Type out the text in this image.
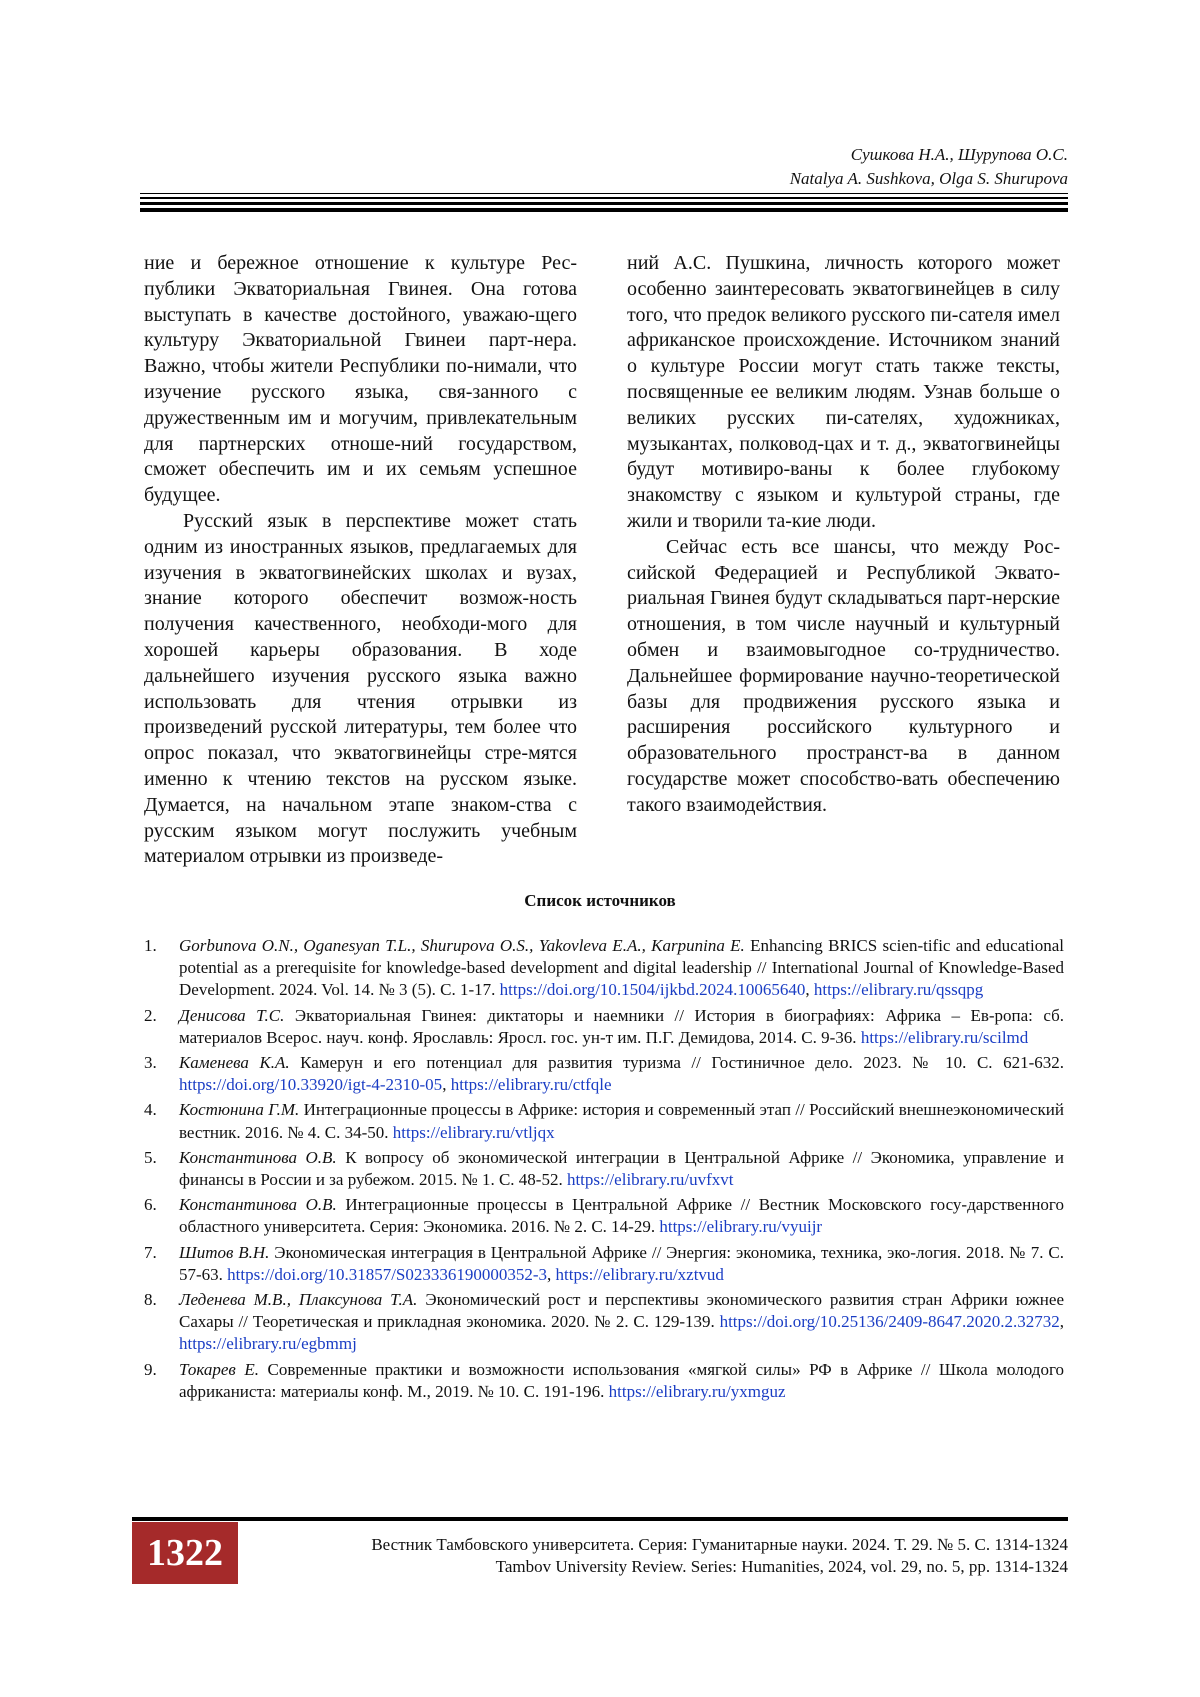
Сушкова Н.А., Шурупова О.С.
Natalya A. Sushkova, Olga S. Shurupova

ние и бережное отношение к культуре Рес-публики Экваториальная Гвинея. Она готова выступать в качестве достойного, уважаю-щего культуру Экваториальной Гвинеи парт-нера. Важно, чтобы жители Республики по-нимали, что изучение русского языка, свя-занного с дружественным им и могучим, привлекательным для партнерских отноше-ний государством, сможет обеспечить им и их семьям успешное будущее.

Русский язык в перспективе может стать одним из иностранных языков, предлагаемых для изучения в экватогвинейских школах и вузах, знание которого обеспечит возмож-ность получения качественного, необходи-мого для хорошей карьеры образования. В ходе дальнейшего изучения русского языка важно использовать для чтения отрывки из произведений русской литературы, тем более что опрос показал, что экватогвинейцы стре-мятся именно к чтению текстов на русском языке. Думается, на начальном этапе знаком-ства с русским языком могут послужить учебным материалом отрывки из произведе-

ний А.С. Пушкина, личность которого может особенно заинтересовать экватогвинейцев в силу того, что предок великого русского пи-сателя имел африканское происхождение. Источником знаний о культуре России могут стать также тексты, посвященные ее великим людям. Узнав больше о великих русских пи-сателях, художниках, музыкантах, полковод-цах и т. д., экватогвинейцы будут мотивиро-ваны к более глубокому знакомству с языком и культурой страны, где жили и творили та-кие люди.

Сейчас есть все шансы, что между Рос-сийской Федерацией и Республикой Эквато-риальная Гвинея будут складываться парт-нерские отношения, в том числе научный и культурный обмен и взаимовыгодное со-трудничество. Дальнейшее формирование научно-теоретической базы для продвижения русского языка и расширения российского культурного и образовательного пространст-ва в данном государстве может способство-вать обеспечению такого взаимодействия.

Список источников
1. Gorbunova O.N., Oganesyan T.L., Shurupova O.S., Yakovleva E.A., Karpunina E. Enhancing BRICS scien-tific and educational potential as a prerequisite for knowledge-based development and digital leadership // International Journal of Knowledge-Based Development. 2024. Vol. 14. № 3 (5). С. 1-17. https://doi.org/10.1504/ijkbd.2024.10065640, https://elibrary.ru/qssqpg
2. Денисова Т.С. Экваториальная Гвинея: диктаторы и наемники // История в биографиях: Африка – Ев-ропа: сб. материалов Всерос. науч. конф. Ярославль: Яросл. гос. ун-т им. П.Г. Демидова, 2014. С. 9-36. https://elibrary.ru/scilmd
3. Каменева К.А. Камерун и его потенциал для развития туризма // Гостиничное дело. 2023. № 10. С. 621-632. https://doi.org/10.33920/igt-4-2310-05, https://elibrary.ru/ctfqle
4. Костюнина Г.М. Интеграционные процессы в Африке: история и современный этап // Российский внешнеэкономический вестник. 2016. № 4. С. 34-50. https://elibrary.ru/vtljqx
5. Константинова О.В. К вопросу об экономической интеграции в Центральной Африке // Экономика, управление и финансы в России и за рубежом. 2015. № 1. С. 48-52. https://elibrary.ru/uvfxvt
6. Константинова О.В. Интеграционные процессы в Центральной Африке // Вестник Московского госу-дарственного областного университета. Серия: Экономика. 2016. № 2. С. 14-29. https://elibrary.ru/vyuijr
7. Шитов В.Н. Экономическая интеграция в Центральной Африке // Энергия: экономика, техника, эко-логия. 2018. № 7. С. 57-63. https://doi.org/10.31857/S023336190000352-3, https://elibrary.ru/xztvud
8. Леденева М.В., Плаксунова Т.А. Экономический рост и перспективы экономического развития стран Африки южнее Сахары // Теоретическая и прикладная экономика. 2020. № 2. С. 129-139. https://doi.org/10.25136/2409-8647.2020.2.32732, https://elibrary.ru/egbmmj
9. Токарев Е. Современные практики и возможности использования «мягкой силы» РФ в Африке // Школа молодого африканиста: материалы конф. М., 2019. № 10. С. 191-196. https://elibrary.ru/yxmguz
1322	Вестник Тамбовского университета. Серия: Гуманитарные науки. 2024. Т. 29. № 5. С. 1314-1324
Tambov University Review. Series: Humanities, 2024, vol. 29, no. 5, pp. 1314-1324
